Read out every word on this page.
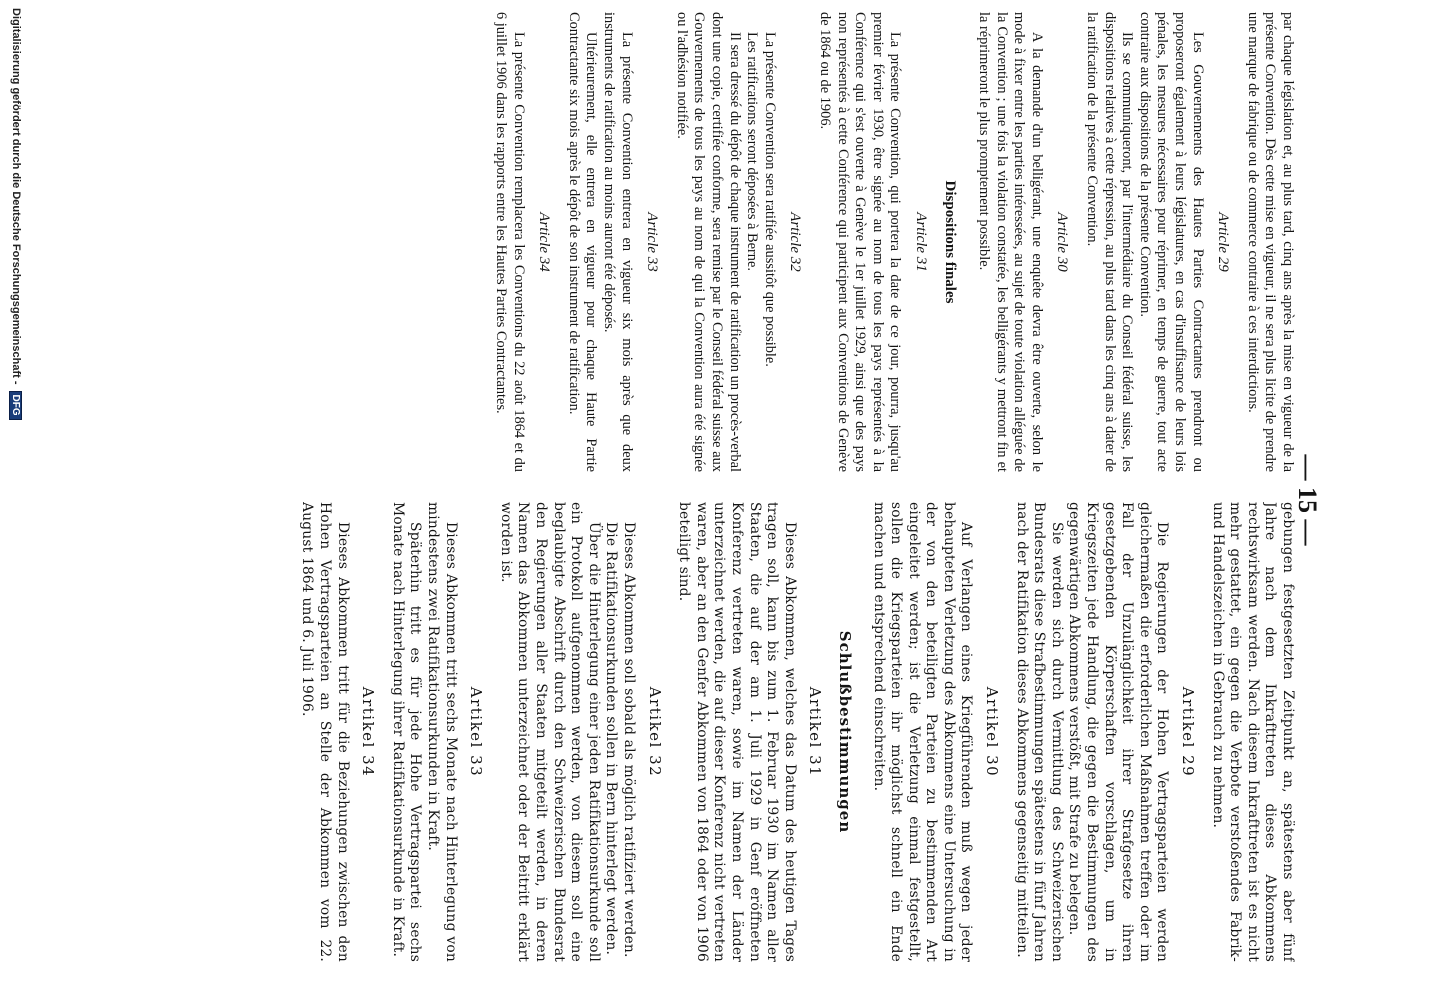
— 15 —

par chaque législation et, au plus tard, cinq ans après la mise en vigueur de la présente Convention. Dès cette mise en vigueur, il ne sera plus licite de prendre une marque de fabrique ou de commerce contraire à ces interdictions.

Article 29

Les Gouvernements des Hautes Parties Contractantes prendront ou proposeront également à leurs législatures, en cas d'insuffisance de leurs lois pénales, les mesures nécessaires pour réprimer, en temps de guerre, tout acte contraire aux dispositions de la présente Convention.

Ils se communiqueront, par l'intermédiaire du Conseil fédéral suisse, les dispositions relatives à cette répression, au plus tard dans les cinq ans à dater de la ratification de la présente Convention.

Article 30

A la demande d'un belligérant, une enquête devra être ouverte, selon le mode à fixer entre les parties intéressées, au sujet de toute violation alléguée de la Convention ; une fois la violation constatée, les belligérants y mettront fin et la réprimeront le plus promptement possible.

Dispositions finales
Article 31

La présente Convention, qui portera la date de ce jour, pourra, jusqu'au premier février 1930, être signée au nom de tous les pays représentés à la Conférence qui s'est ouverte à Genève le 1er juillet 1929, ainsi que des pays non représentés à cette Conférence qui participent aux Conventions de Genève de 1864 ou de 1906.

Article 32

La présente Convention sera ratifiée aussitôt que possible.

Les ratifications seront déposées à Berne.

Il sera dressé du dépôt de chaque instrument de ratification un procès-verbal dont une copie, certifiée conforme, sera remise par le Conseil fédéral suisse aux Gouvernements de tous les pays au nom de qui la Convention aura été signée ou l'adhésion notifiée.

Article 33

La présente Convention entrera en vigueur six mois après que deux instruments de ratification au moins auront été déposés.

Ultérieurement, elle entrera en vigueur pour chaque Haute Partie Contractante six mois après le dépôt de son instrument de ratification.

Article 34

La présente Convention remplacera les Conventions du 22 août 1864 et du 6 juillet 1906 dans les rapports entre les Hautes Parties Contractantes.

gebungen festgesetzten Zeitpunkt an, spätestens aber fünf Jahre nach dem Inkrafttreten dieses Abkommens rechtswirksam werden. Nach diesem Inkrafttreten ist es nicht mehr gestattet, ein gegen die Verbote verstoßendes Fabrik- und Handelszeichen in Gebrauch zu nehmen.

Artikel 29

Die Regierungen der Hohen Vertragsparteien werden gleichermaßen die erforderlichen Maßnahmen treffen oder im Fall der Unzulänglichkeit ihrer Strafgesetze ihren gesetzgebenden Körperschaften vorschlagen, um in Kriegszeiten jede Handlung, die gegen die Bestimmungen des gegenwärtigen Abkommens verstößt, mit Strafe zu belegen.

Sie werden sich durch Vermittlung des Schweizerischen Bundesrats diese Strafbestimmungen spätestens in fünf Jahren nach der Ratifikation dieses Abkommens gegenseitig mitteilen.

Artikel 30

Auf Verlangen eines Kriegführenden muß wegen jeder behaupteten Verletzung des Abkommens eine Untersuchung in der von den beteiligten Parteien zu bestimmenden Art eingeleitet werden; ist die Verletzung einmal festgestellt, sollen die Kriegsparteien ihr möglichst schnell ein Ende machen und entsprechend einschreiten.

Schlußbestimmungen
Artikel 31

Dieses Abkommen, welches das Datum des heutigen Tages tragen soll, kann bis zum 1. Februar 1930 im Namen aller Staaten, die auf der am 1. Juli 1929 in Genf eröffneten Konferenz vertreten waren, sowie im Namen der Länder unterzeichnet werden, die auf dieser Konferenz nicht vertreten waren, aber an den Genfer Abkommen von 1864 oder von 1906 beteiligt sind.

Artikel 32

Dieses Abkommen soll sobald als möglich ratifiziert werden.

Die Ratifikationsurkunden sollen in Bern hinterlegt werden.

Über die Hinterlegung einer jeden Ratifikationsurkunde soll ein Protokoll aufgenommen werden, von diesem soll eine beglaubigte Abschrift durch den Schweizerischen Bundesrat den Regierungen aller Staaten mitgeteilt werden, in deren Namen das Abkommen unterzeichnet oder der Beitritt erklärt worden ist.

Artikel 33

Dieses Abkommen tritt sechs Monate nach Hinterlegung von mindestens zwei Ratifikationsurkunden in Kraft.

Späterhin tritt es für jede Hohe Vertragspartei sechs Monate nach Hinterlegung ihrer Ratifikationsurkunde in Kraft.

Artikel 34

Dieses Abkommen tritt für die Beziehungen zwischen den Hohen Vertragsparteien an Stelle der Abkommen vom 22. August 1864 und 6. Juli 1906.

Digitalisierung gefördert durch die Deutsche Forschungsgemeinschaft -DFG
